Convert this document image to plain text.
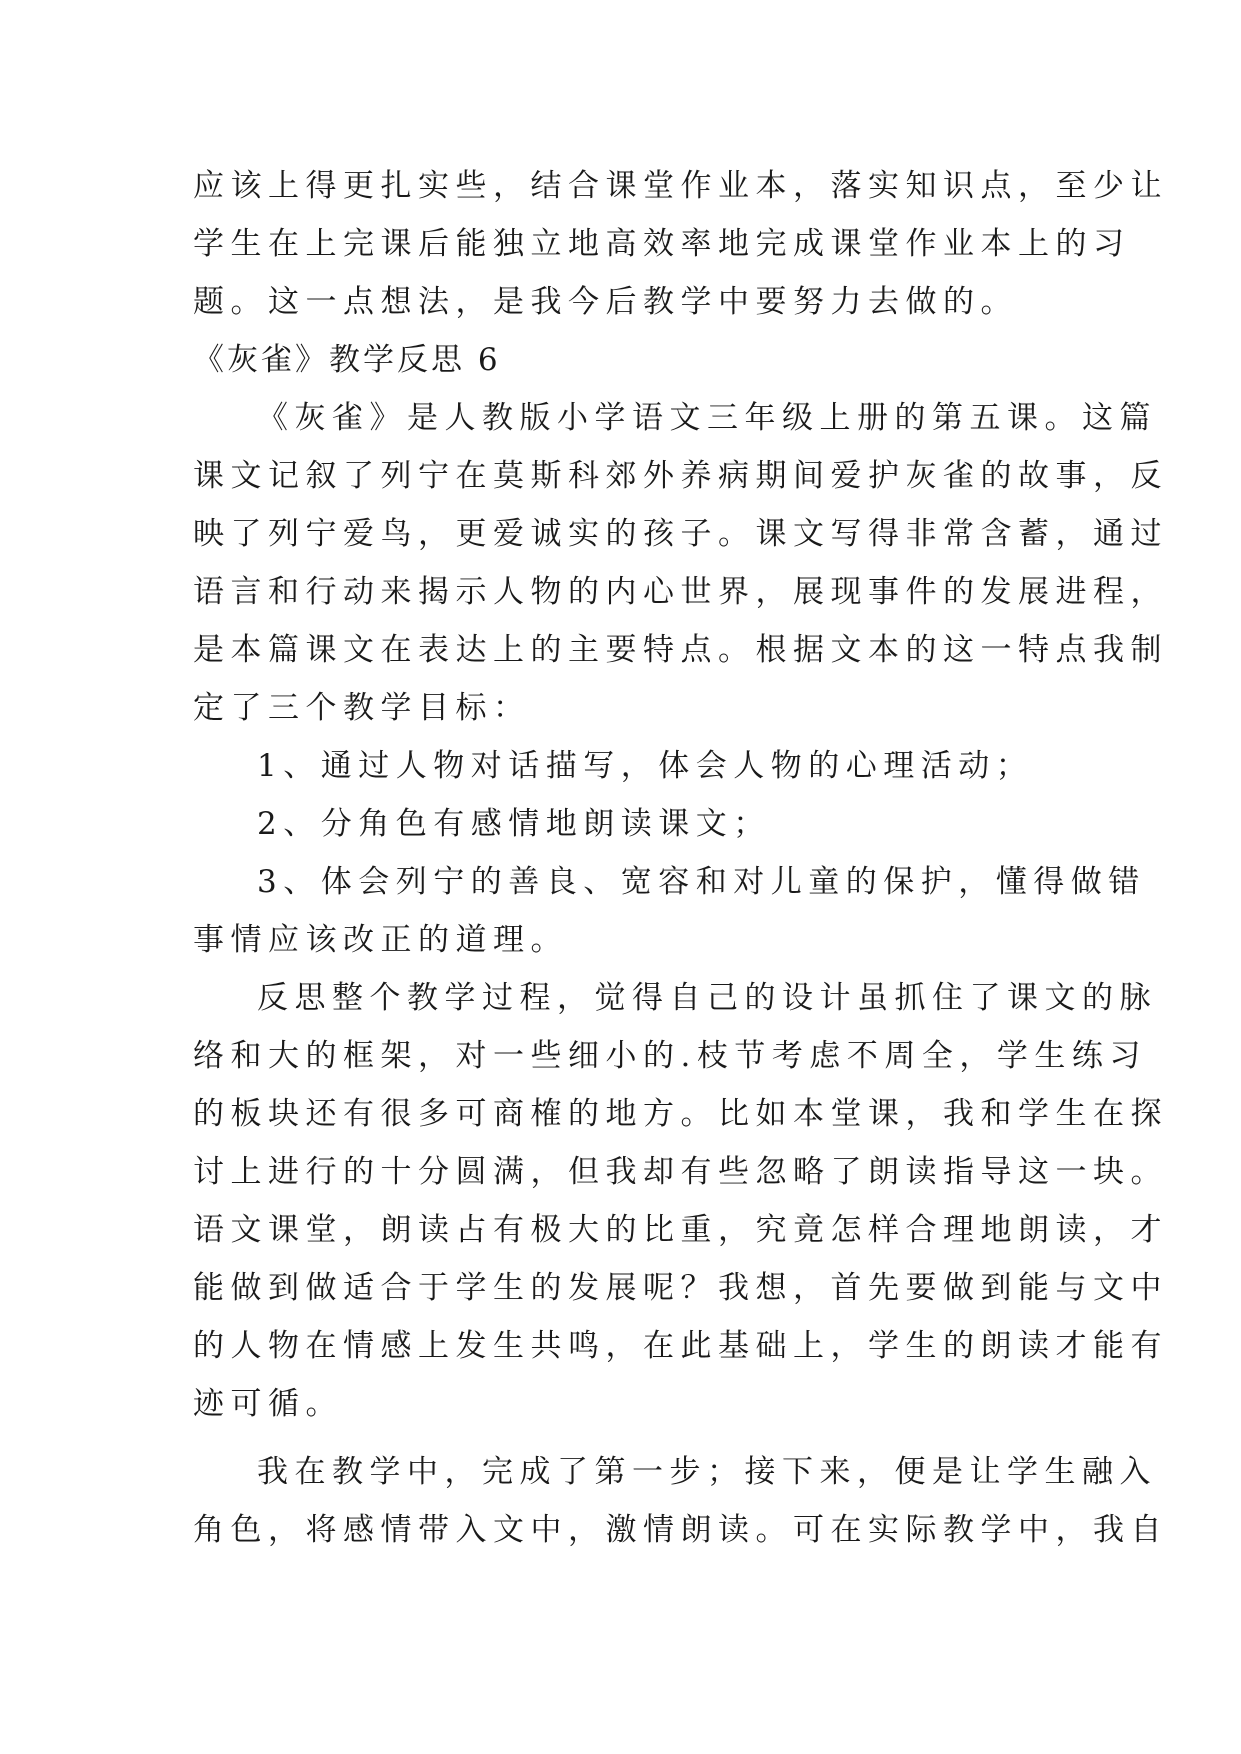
应该上得更扎实些，结合课堂作业本，落实知识点，至少让
学生在上完课后能独立地高效率地完成课堂作业本上的习
题。这一点想法，是我今后教学中要努力去做的。
《灰雀》教学反思 6
《灰雀》是人教版小学语文三年级上册的第五课。这篇
课文记叙了列宁在莫斯科郊外养病期间爱护灰雀的故事，反
映了列宁爱鸟，更爱诚实的孩子。课文写得非常含蓄，通过
语言和行动来揭示人物的内心世界，展现事件的发展进程，
是本篇课文在表达上的主要特点。根据文本的这一特点我制
定了三个教学目标：
1、通过人物对话描写，体会人物的心理活动；
2、分角色有感情地朗读课文；
3、体会列宁的善良、宽容和对儿童的保护，懂得做错
事情应该改正的道理。
反思整个教学过程，觉得自己的设计虽抓住了课文的脉
络和大的框架，对一些细小的.枝节考虑不周全，学生练习
的板块还有很多可商榷的地方。比如本堂课，我和学生在探
讨上进行的十分圆满，但我却有些忽略了朗读指导这一块。
语文课堂，朗读占有极大的比重，究竟怎样合理地朗读，才
能做到做适合于学生的发展呢？我想，首先要做到能与文中
的人物在情感上发生共鸣，在此基础上，学生的朗读才能有
迹可循。
我在教学中，完成了第一步；接下来，便是让学生融入
角色，将感情带入文中，激情朗读。可在实际教学中，我自
